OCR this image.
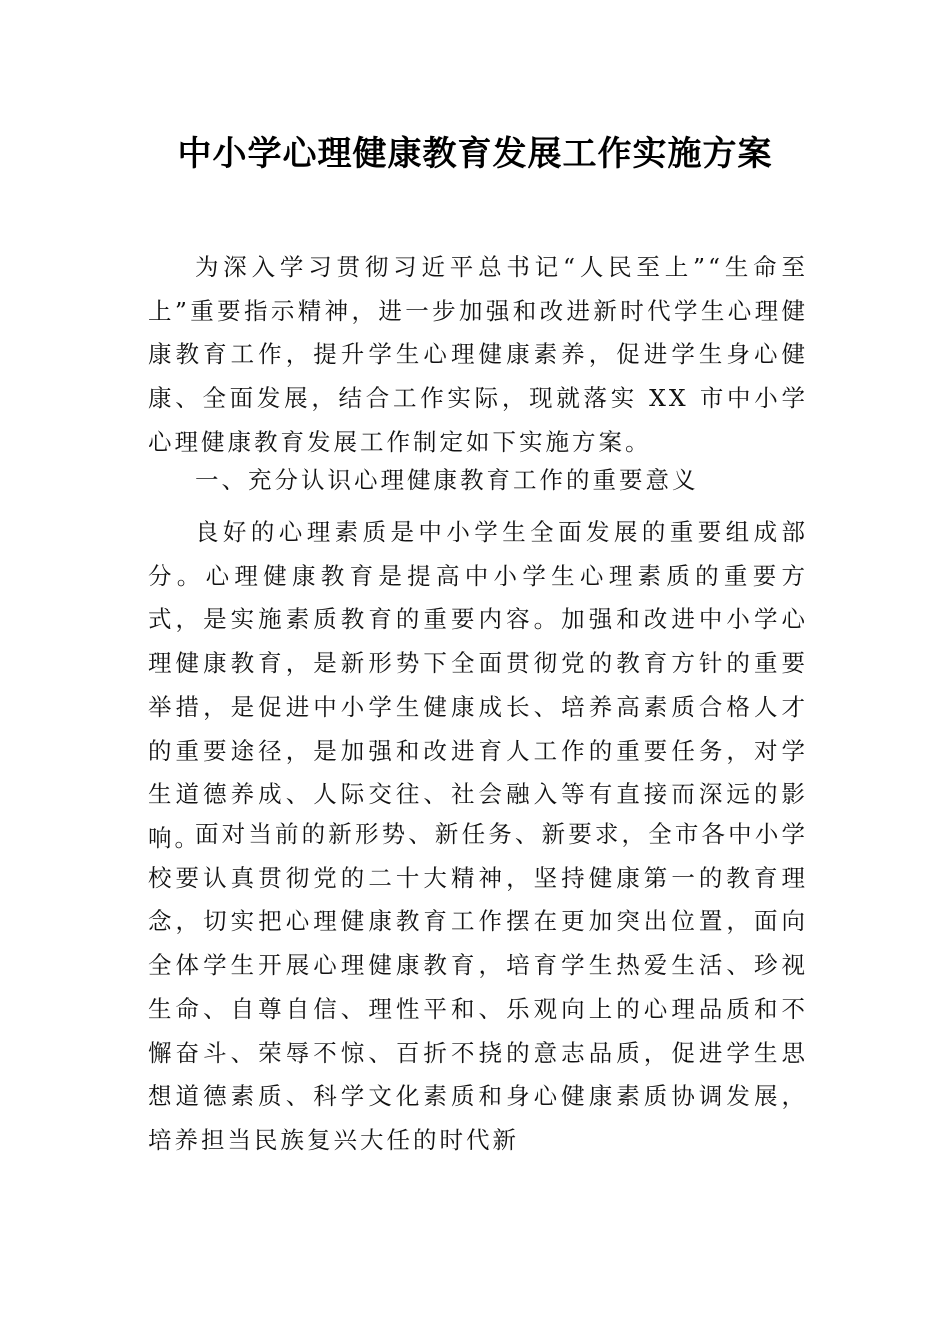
中小学心理健康教育发展工作实施方案

为深入学习贯彻习近平总书记“人民至上”“生命至上”重要指示精神，进一步加强和改进新时代学生心理健康教育工作，提升学生心理健康素养，促进学生身心健康、全面发展，结合工作实际，现就落实 XX 市中小学心理健康教育发展工作制定如下实施方案。

一、充分认识心理健康教育工作的重要意义

良好的心理素质是中小学生全面发展的重要组成部分。心理健康教育是提高中小学生心理素质的重要方式，是实施素质教育的重要内容。加强和改进中小学心理健康教育，是新形势下全面贯彻党的教育方针的重要举措，是促进中小学生健康成长、培养高素质合格人才的重要途径，是加强和改进育人工作的重要任务，对学生道德养成、人际交往、社会融入等有直接而深远的影响。

面对当前的新形势、新任务、新要求，全市各中小学校要认真贯彻党的二十大精神，坚持健康第一的教育理念，切实把心理健康教育工作摆在更加突出位置，面向全体学生开展心理健康教育，培育学生热爱生活、珍视生命、自尊自信、理性平和、乐观向上的心理品质和不懈奋斗、荣辱不惊、百折不挠的意志品质，促进学生思想道德素质、科学文化素质和身心健康素质协调发展，培养担当民族复兴大任的时代新
